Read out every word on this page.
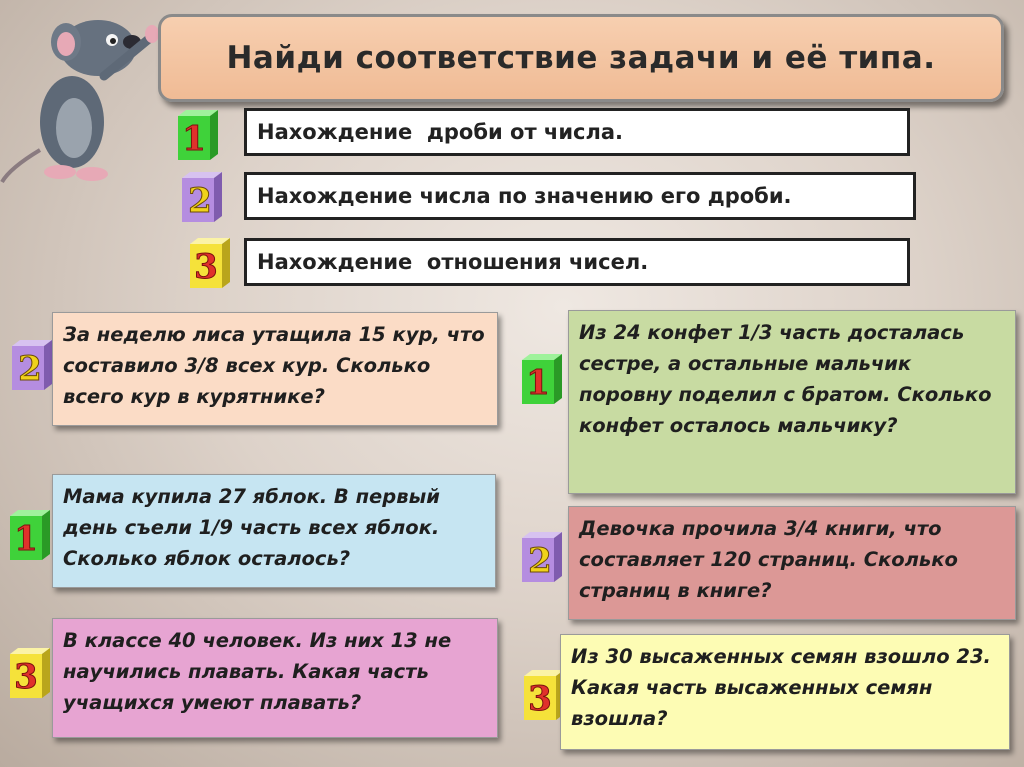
Найди соответствие задачи и её типа.
1 Нахождение  дроби от числа.
2 Нахождение числа по значению его дроби.
3 Нахождение  отношения чисел.
2
За неделю лиса утащила 15 кур, что составило 3/8 всех кур. Сколько всего кур в курятнике?	1
Из 24 конфет 1/3 часть досталась сестре, а остальные мальчик поровну поделил с братом. Сколько конфет осталось мальчику?
1
Мама купила 27 яблок. В первый день съели 1/9 часть всех яблок. Сколько яблок осталось?	2
Девочка прочила 3/4 книги, что составляет 120 страниц. Сколько страниц в книге?
3
В классе 40 человек. Из них 13 не научились плавать. Какая часть учащихся умеют плавать?	3
Из 30 высаженных семян взошло 23. Какая часть высаженных семян взошла?
